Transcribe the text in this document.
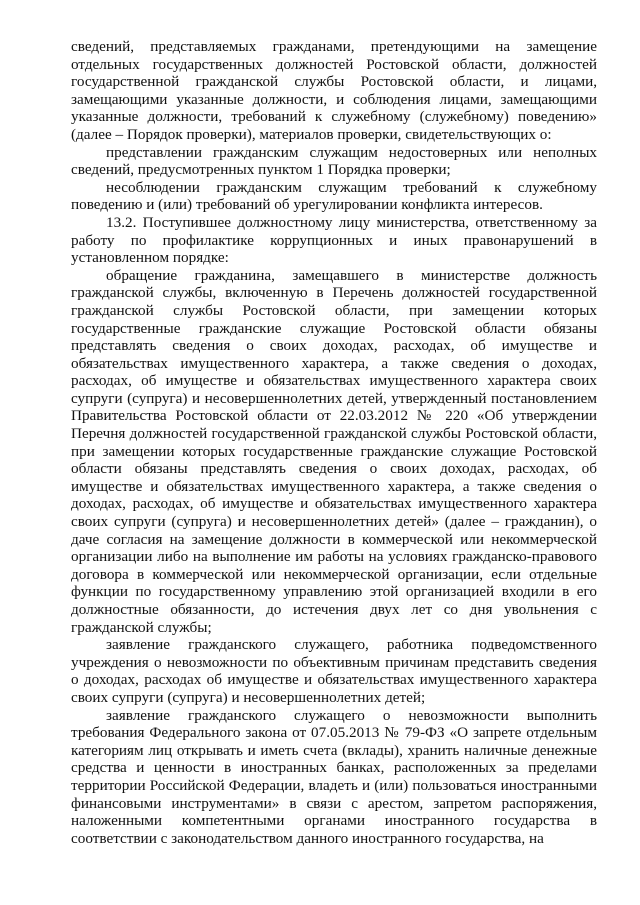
сведений, представляемых гражданами, претендующими на замещение отдельных государственных должностей Ростовской области, должностей государственной гражданской службы Ростовской области, и лицами, замещающими указанные должности, и соблюдения лицами, замещающими указанные должности, требований к служебному (служебному) поведению» (далее – Порядок проверки), материалов проверки, свидетельствующих о:

представлении гражданским служащим недостоверных или неполных сведений, предусмотренных пунктом 1 Порядка проверки;

несоблюдении гражданским служащим требований к служебному поведению и (или) требований об урегулировании конфликта интересов.

13.2. Поступившее должностному лицу министерства, ответственному за работу по профилактике коррупционных и иных правонарушений в установленном порядке:

обращение гражданина, замещавшего в министерстве должность гражданской службы, включенную в Перечень должностей государственной гражданской службы Ростовской области, при замещении которых государственные гражданские служащие Ростовской области обязаны представлять сведения о своих доходах, расходах, об имуществе и обязательствах имущественного характера, а также сведения о доходах, расходах, об имуществе и обязательствах имущественного характера своих супруги (супруга) и несовершеннолетних детей, утвержденный постановлением Правительства Ростовской области от 22.03.2012 № 220 «Об утверждении Перечня должностей государственной гражданской службы Ростовской области, при замещении которых государственные гражданские служащие Ростовской области обязаны представлять сведения о своих доходах, расходах, об имуществе и обязательствах имущественного характера, а также сведения о доходах, расходах, об имуществе и обязательствах имущественного характера своих супруги (супруга) и несовершеннолетних детей» (далее – гражданин), о даче согласия на замещение должности в коммерческой или некоммерческой организации либо на выполнение им работы на условиях гражданско-правового договора в коммерческой или некоммерческой организации, если отдельные функции по государственному управлению этой организацией входили в его должностные обязанности, до истечения двух лет со дня увольнения с гражданской службы;

заявление гражданского служащего, работника подведомственного учреждения о невозможности по объективным причинам представить сведения о доходах, расходах об имуществе и обязательствах имущественного характера своих супруги (супруга) и несовершеннолетних детей;

заявление гражданского служащего о невозможности выполнить требования Федерального закона от 07.05.2013 № 79-ФЗ «О запрете отдельным категориям лиц открывать и иметь счета (вклады), хранить наличные денежные средства и ценности в иностранных банках, расположенных за пределами территории Российской Федерации, владеть и (или) пользоваться иностранными финансовыми инструментами» в связи с арестом, запретом распоряжения, наложенными компетентными органами иностранного государства в соответствии с законодательством данного иностранного государства, на
